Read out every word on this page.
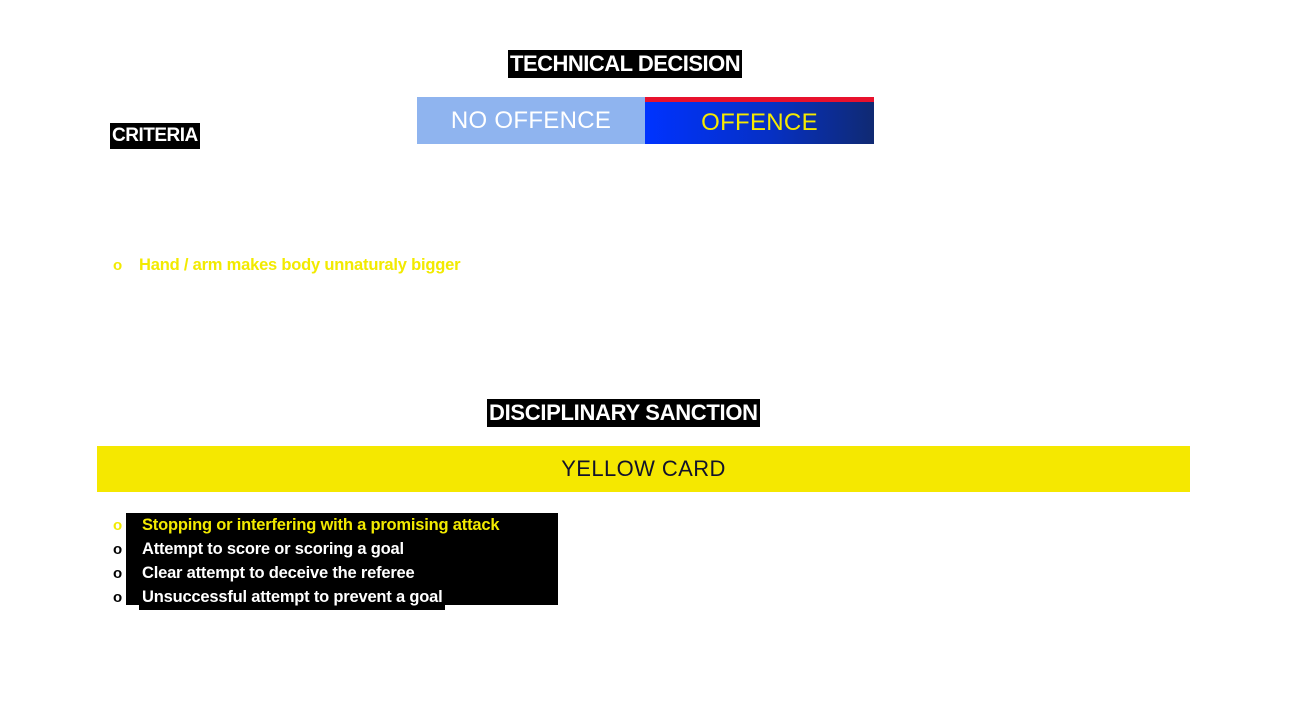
TECHNICAL DECISION
CRITERIA
NO OFFENCE	OFFENCE
o	Hand / arm makes body unnaturaly bigger
DISCIPLINARY SANCTION
YELLOW CARD
o	Stopping or interfering with a promising attack
o	Attempt to score or scoring a goal
o	Clear attempt to deceive the referee
o	Unsuccessful attempt to prevent a goal
